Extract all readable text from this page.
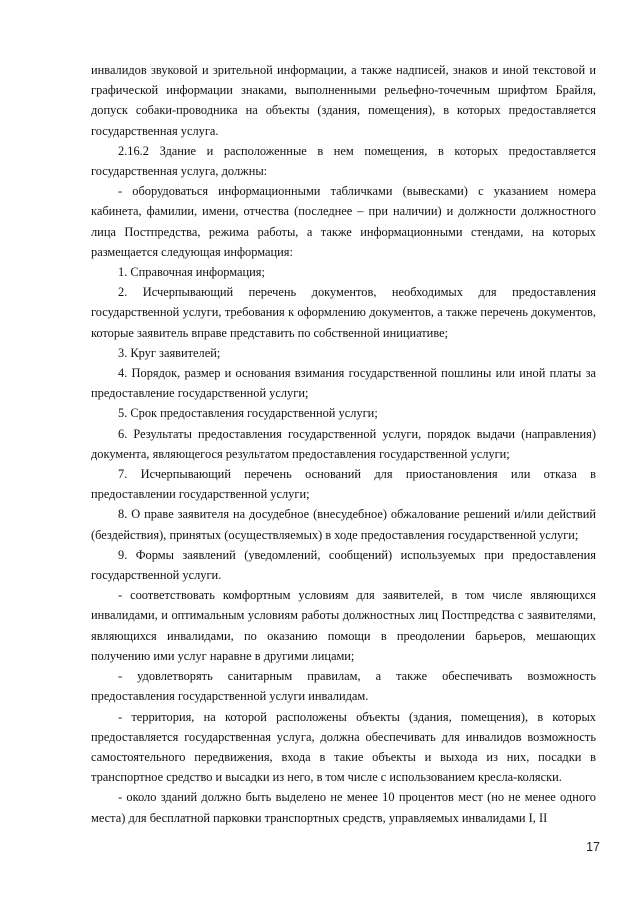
инвалидов звуковой и зрительной информации, а также надписей, знаков и иной текстовой и графической информации знаками, выполненными рельефно-точечным шрифтом Брайля, допуск собаки-проводника на объекты (здания, помещения), в которых предоставляется государственная услуга.

2.16.2 Здание и расположенные в нем помещения, в которых предоставляется государственная услуга, должны:

- оборудоваться информационными табличками (вывесками) с указанием номера кабинета, фамилии, имени, отчества (последнее – при наличии) и должности должностного лица Постпредства, режима работы, а также информационными стендами, на которых размещается следующая информация:

1. Справочная информация;

2. Исчерпывающий перечень документов, необходимых для предоставления государственной услуги, требования к оформлению документов, а также перечень документов, которые заявитель вправе представить по собственной инициативе;

3. Круг заявителей;

4. Порядок, размер и основания взимания государственной пошлины или иной платы за предоставление государственной услуги;

5. Срок предоставления государственной услуги;

6. Результаты предоставления государственной услуги, порядок выдачи (направления) документа, являющегося результатом предоставления государственной услуги;

7. Исчерпывающий перечень оснований для приостановления или отказа в предоставлении государственной услуги;

8. О праве заявителя на досудебное (внесудебное) обжалование решений и/или действий (бездействия), принятых (осуществляемых) в ходе предоставления государственной услуги;

9. Формы заявлений (уведомлений, сообщений) используемых при предоставления государственной услуги.

- соответствовать комфортным условиям для заявителей, в том числе являющихся инвалидами, и оптимальным условиям работы должностных лиц Постпредства с заявителями, являющихся инвалидами, по оказанию помощи в преодолении барьеров, мешающих получению ими услуг наравне в другими лицами;

- удовлетворять санитарным правилам, а также обеспечивать возможность предоставления государственной услуги инвалидам.

- территория, на которой расположены объекты (здания, помещения), в которых предоставляется государственная услуга, должна обеспечивать для инвалидов возможность самостоятельного передвижения, входа в такие объекты и выхода из них, посадки в транспортное средство и высадки из него, в том числе с использованием кресла-коляски.

- около зданий должно быть выделено не менее 10 процентов мест (но не менее одного места) для бесплатной парковки транспортных средств, управляемых инвалидами I, II

17
